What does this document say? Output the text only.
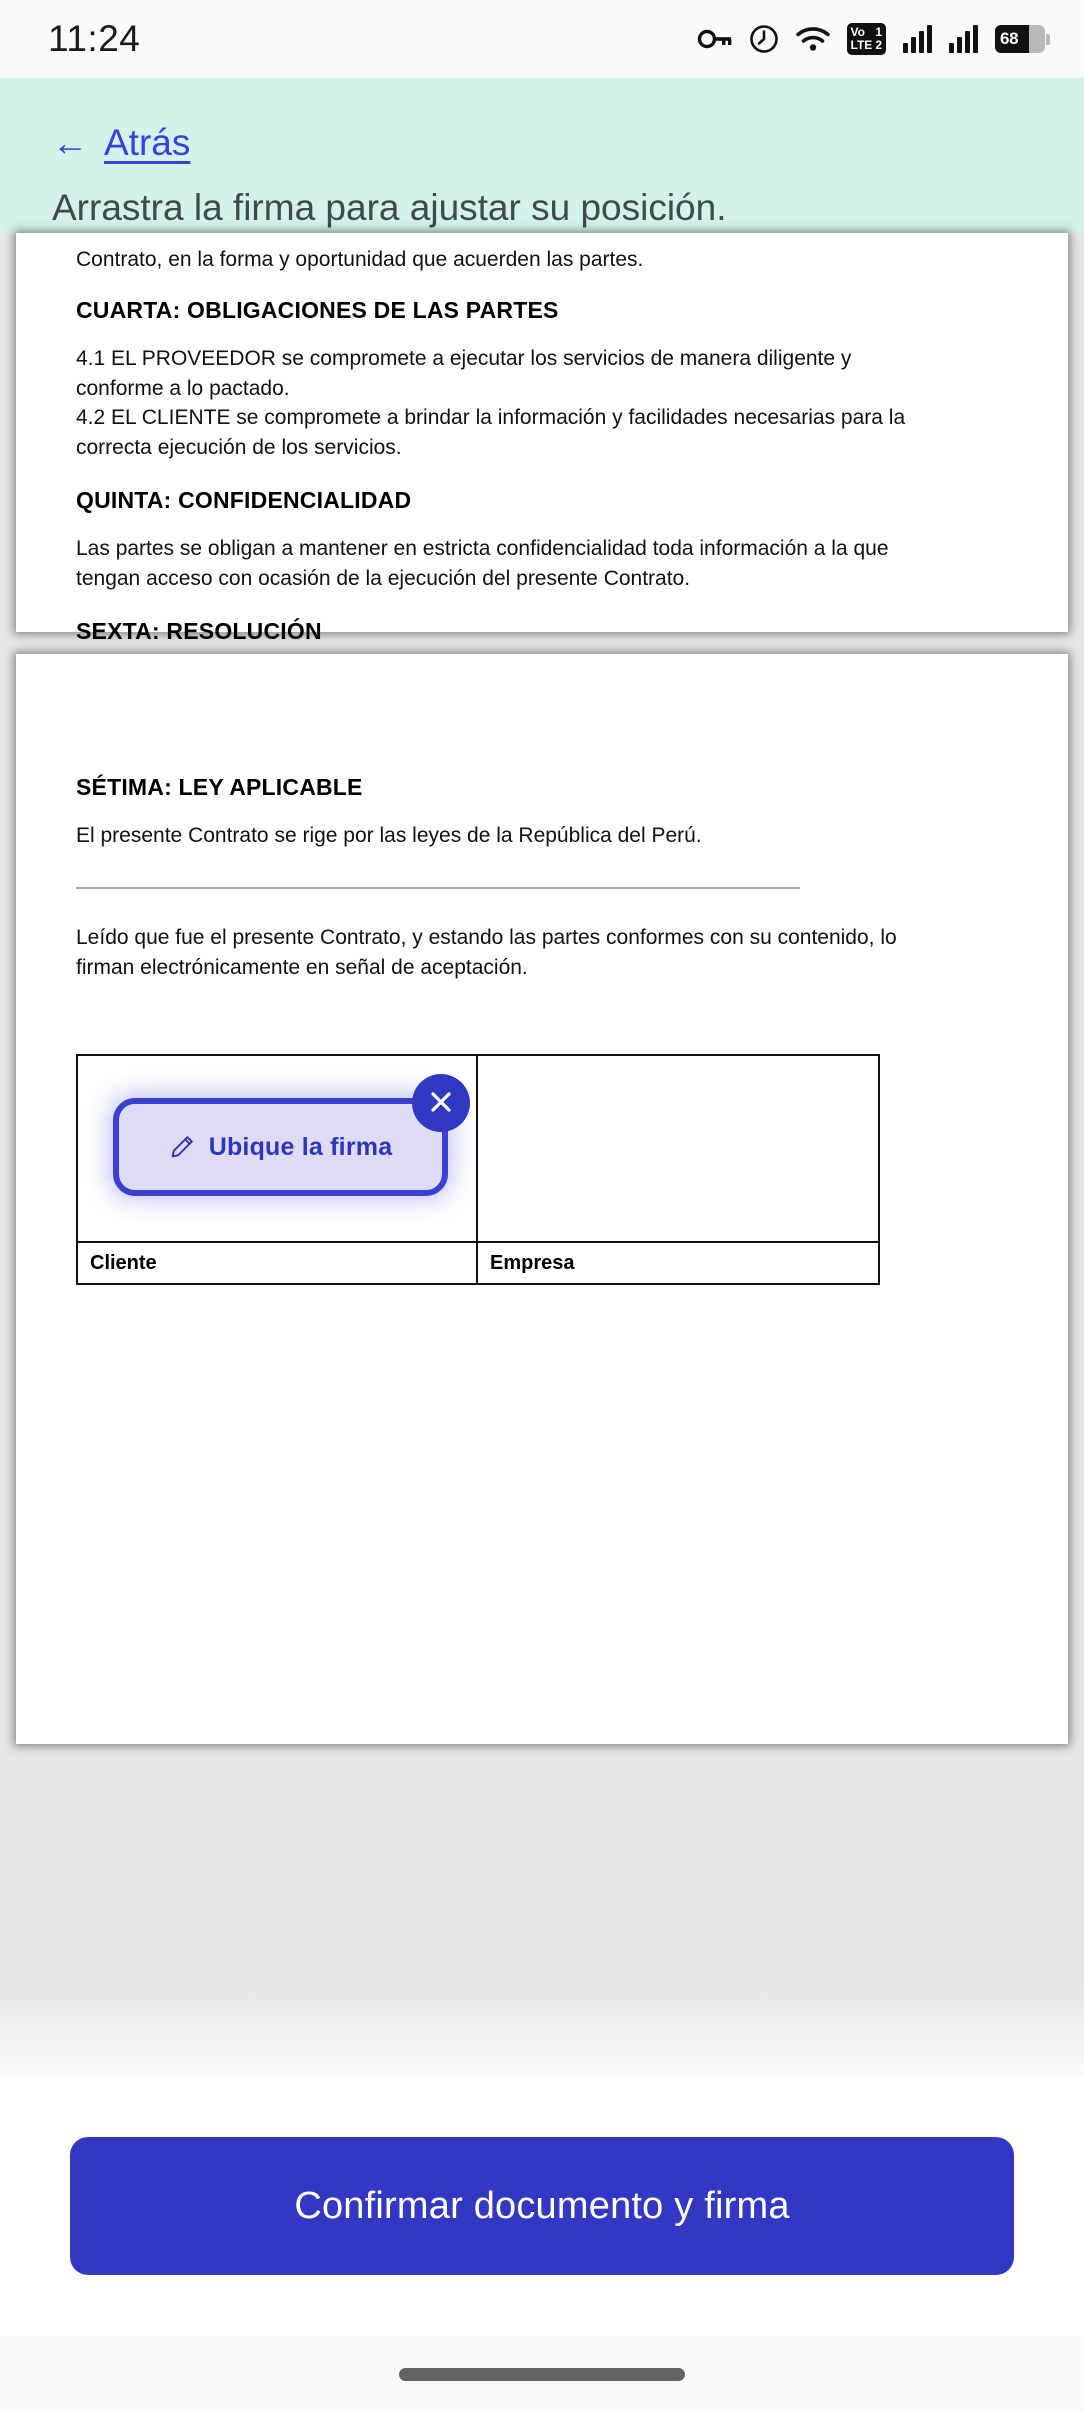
11:24	Vo
LTE
1
2	68
← Atrás
Arrastra la firma para ajustar su posición.

Contrato, en la forma y oportunidad que acuerden las partes.

CUARTA: OBLIGACIONES DE LAS PARTES

4.1 EL PROVEEDOR se compromete a ejecutar los servicios de manera diligente y conforme a lo pactado.

4.2 EL CLIENTE se compromete a brindar la información y facilidades necesarias para la correcta ejecución de los servicios.

QUINTA: CONFIDENCIALIDAD

Las partes se obligan a mantener en estricta confidencialidad toda información a la que tengan acceso con ocasión de la ejecución del presente Contrato.

SEXTA: RESOLUCIÓN

SÉTIMA: LEY APLICABLE

El presente Contrato se rige por las leyes de la República del Perú.

Leído que fue el presente Contrato, y estando las partes conformes con su contenido, lo firman electrónicamente en señal de aceptación.

Cliente	Empresa
Ubique la firma
Confirmar documento y firma
